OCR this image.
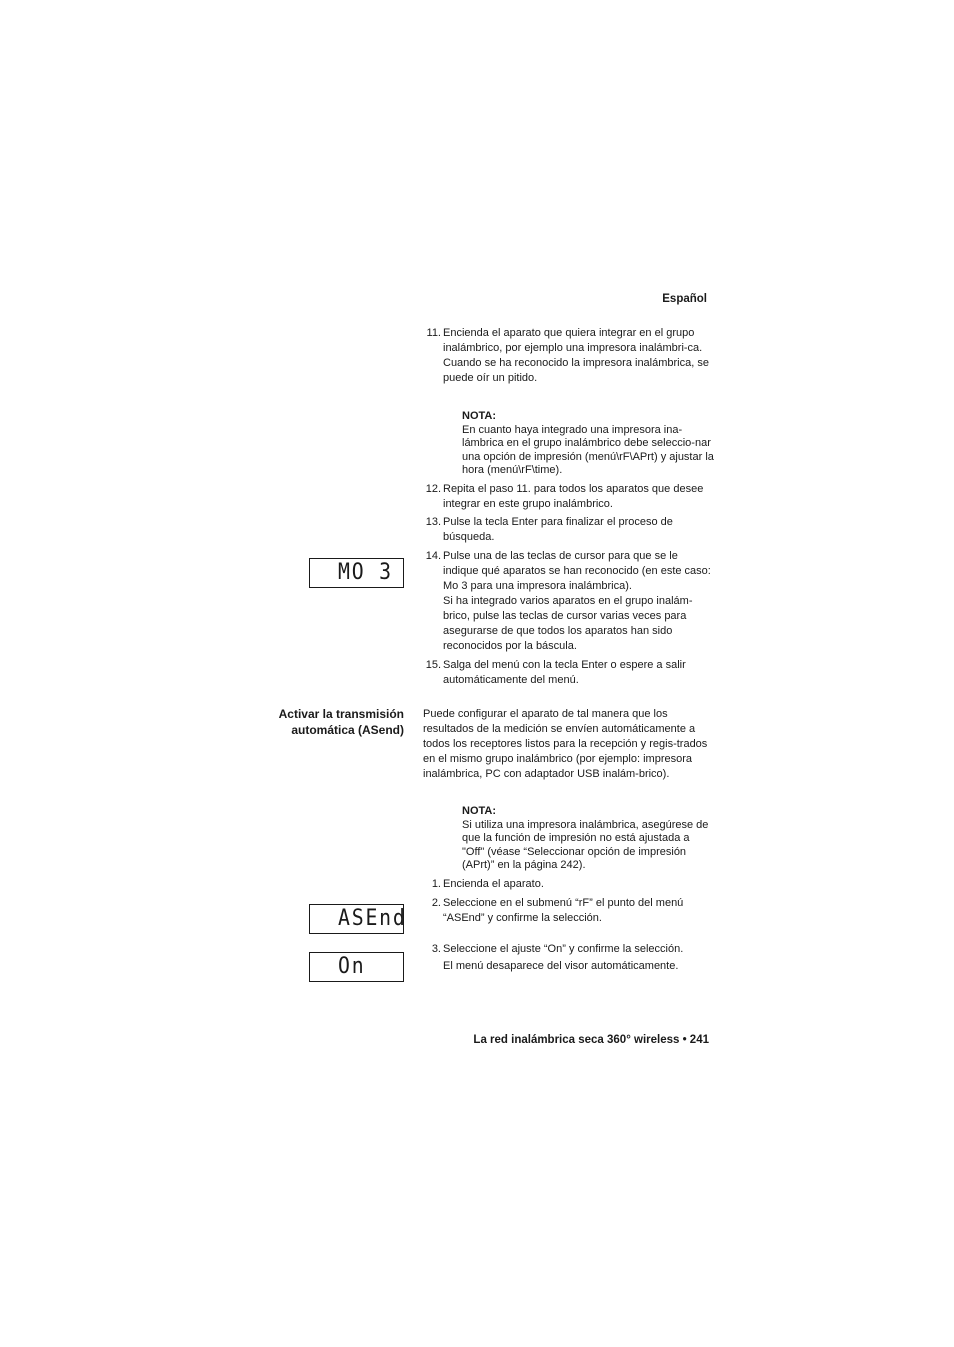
Español
11. Encienda el aparato que quiera integrar en el grupo inalámbrico, por ejemplo una impresora inalámbri-ca.
Cuando se ha reconocido la impresora inalámbrica, se puede oír un pitido.
NOTA:
En cuanto haya integrado una impresora ina-lámbrica en el grupo inalámbrico debe seleccio-nar una opción de impresión (menú\rF\APrt) y ajustar la hora (menú\rF\time).
12. Repita el paso 11. para todos los aparatos que desee integrar en este grupo inalámbrico.
13. Pulse la tecla Enter para finalizar el proceso de búsqueda.
MO 3
14. Pulse una de las teclas de cursor para que se le indique qué aparatos se han reconocido (en este caso: Mo 3 para una impresora inalámbrica).
Si ha integrado varios aparatos en el grupo inalám-brico, pulse las teclas de cursor varias veces para asegurarse de que todos los aparatos han sido reconocidos por la báscula.
15. Salga del menú con la tecla Enter o espere a salir automáticamente del menú.
Activar la transmisión
automática (ASend)
Puede configurar el aparato de tal manera que los resultados de la medición se envíen automáticamente a todos los receptores listos para la recepción y regis-trados en el mismo grupo inalámbrico (por ejemplo: impresora inalámbrica, PC con adaptador USB inalám-brico).
NOTA:
Si utiliza una impresora inalámbrica, asegúrese de que la función de impresión no está ajustada a "Off" (véase “Seleccionar opción de impresión (APrt)” en la página 242).
1. Encienda el aparato.
ASEnd
2. Seleccione en el submenú “rF” el punto del menú “ASEnd” y confirme la selección.
On
3. Seleccione el ajuste “On” y confirme la selección.
El menú desaparece del visor automáticamente.
La red inalámbrica seca 360° wireless • 241
